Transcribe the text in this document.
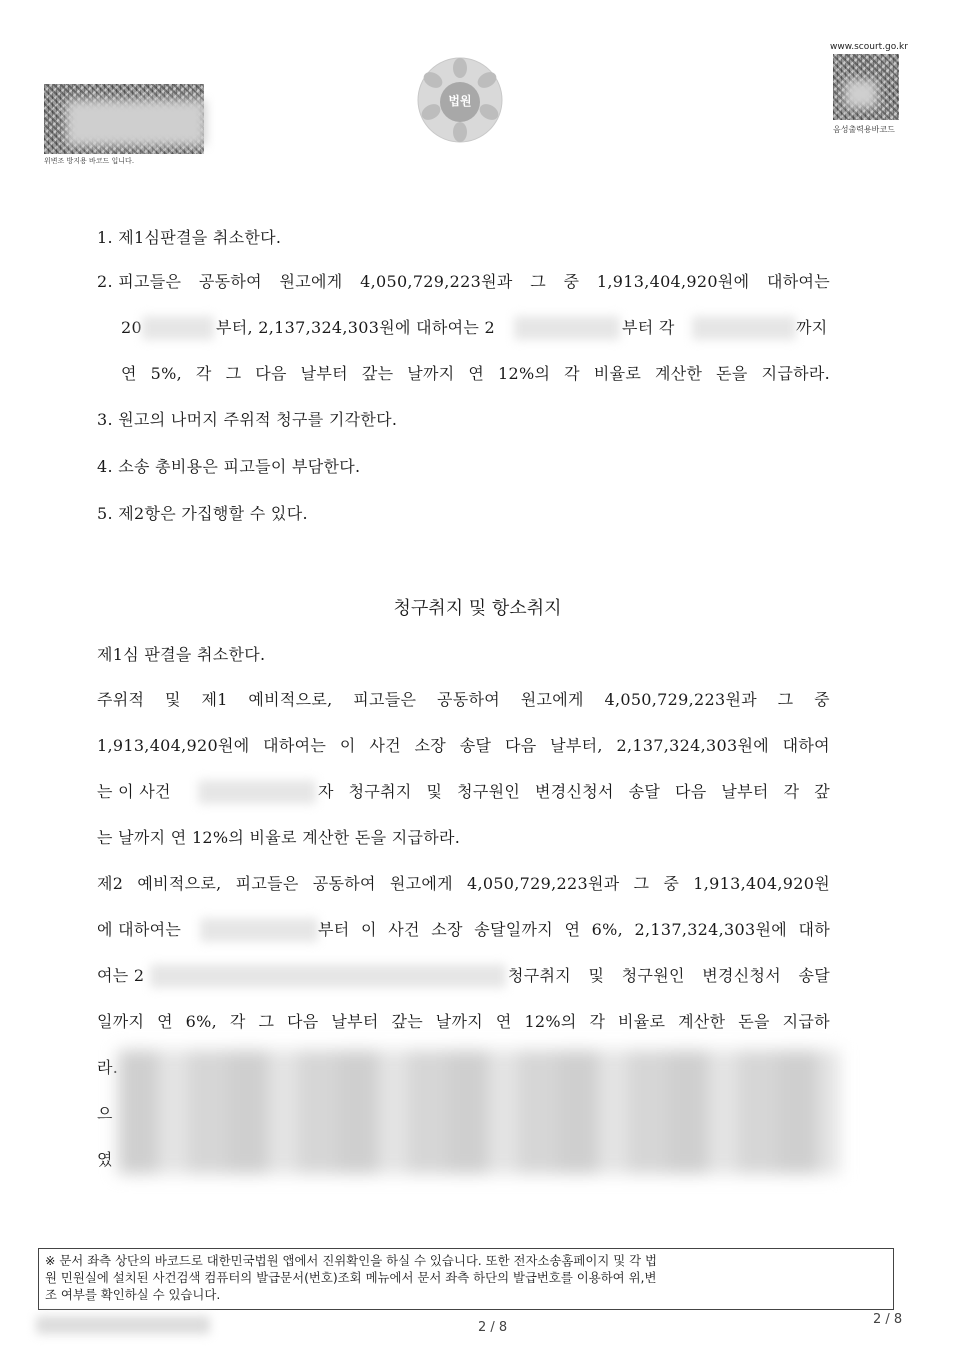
위변조 방지용 바코드 입니다.
법원
www.scourt.go.kr
음성출력용바코드
1. 제1심판결을 취소한다.
2. 피고들은 공동하여 원고에게 4,050,729,223원과 그 중 1,913,404,920원에 대하여는
20	부터, 2,137,324,303원에 대하여는 2	부터 각	까지
연 5%, 각 그 다음 날부터 갚는 날까지 연 12%의 각 비율로 계산한 돈을 지급하라.
3. 원고의 나머지 주위적 청구를 기각한다.
4. 소송 총비용은 피고들이 부담한다.
5. 제2항은 가집행할 수 있다.
청구취지 및 항소취지
제1심 판결을 취소한다.
주위적 및 제1 예비적으로, 피고들은 공동하여 원고에게 4,050,729,223원과 그 중
1,913,404,920원에 대하여는 이 사건 소장 송달 다음 날부터, 2,137,324,303원에 대하여
는 이 사건	자 청구취지 및 청구원인 변경신청서 송달 다음 날부터 각 갚
는 날까지 연 12%의 비율로 계산한 돈을 지급하라.
제2 예비적으로, 피고들은 공동하여 원고에게 4,050,729,223원과 그 중 1,913,404,920원
에 대하여는	부터 이 사건 소장 송달일까지 연 6%, 2,137,324,303원에 대하
여는 2	청구취지 및 청구원인 변경신청서 송달
일까지 연 6%, 각 그 다음 날부터 갚는 날까지 연 12%의 각 비율로 계산한 돈을 지급하
라.
으
였
※ 문서 좌측 상단의 바코드로 대한민국법원 앱에서 진위확인을 하실 수 있습니다. 또한 전자소송홈페이지 및 각 법
원 민원실에 설치된 사건검색 컴퓨터의 발급문서(번호)조회 메뉴에서 문서 좌측 하단의 발급번호를 이용하여 위,변
조 여부를 확인하실 수 있습니다.
2 / 8
2 / 8
